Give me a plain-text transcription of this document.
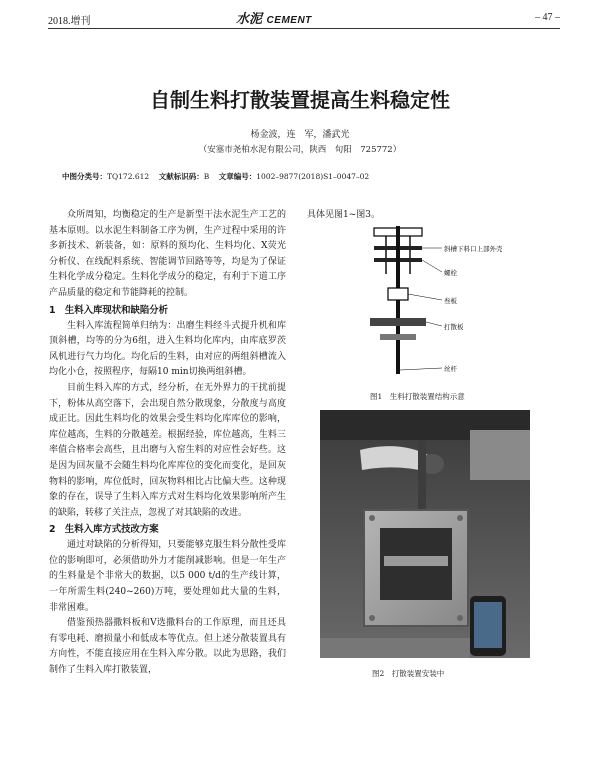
2018.增刊	水泥 CEMENT	– 47 –
自制生料打散装置提高生料稳定性
杨金波，连　军，潘武光
（安塞市尧柏水泥有限公司，陕西　旬阳　725772）
中图分类号：TQ172.612 文献标识码：B 文章编号：1002–9877(2018)S1–0047–02

众所周知，均衡稳定的生产是新型干法水泥生产工艺的基本原则。以水泥生料制备工序为例，生产过程中采用的许多新技术、新装备，如：原料的预均化、生料均化、X荧光分析仪、在线配料系统、智能调节回路等等，均是为了保证生料化学成分稳定。生料化学成分的稳定，有利于下道工序产品质量的稳定和节能降耗的控制。

1　生料入库现状和缺陷分析

生料入库流程简单归纳为：出磨生料经斗式提升机和库顶斜槽，均等的分为6组，进入生料均化库内，由库底罗茨风机进行气力均化。均化后的生料，由对应的两组斜槽流入均化小仓，按照程序，每隔10 min切换两组斜槽。

目前生料入库的方式，经分析，在无外界力的干扰前提下，粉体从高空落下，会出现自然分散现象，分散度与高度成正比。因此生料均化的效果会受生料均化库库位的影响，库位越高，生料的分散越差。根据经验，库位越高，生料三率值合格率会高些，且出磨与入窑生料的对应性会好些。这是因为回灰量不会随生料均化库库位的变化而变化，是回灰物料的影响，库位低时，回灰物料相比占比偏大些。这种现象的存在，误导了生料入库方式对生料均化效果影响所产生的缺陷，转移了关注点，忽视了对其缺陷的改进。

2　生料入库方式技改方案

通过对缺陷的分析得知，只要能够克服生料分散性受库位的影响即可，必须借助外力才能削减影响。但是一年生产的生料量是个非常大的数据，以5 000 t/d的生产线计算，一年所需生料(240~260)万吨，要处理如此大量的生料，非常困难。

借鉴预热器撒料板和V选撒料台的工作原理，而且还具有零电耗、磨损量小和低成本等优点。但上述分散装置具有方向性，不能直接应用在生料入库分散。以此为思路，我们制作了生料入库打散装置，

具体见图1~图3。
斜槽下料口上部外壳
螺栓
叁板
打散板
丝杆
图1　生料打散装置结构示意
图2　打散装置安装中
